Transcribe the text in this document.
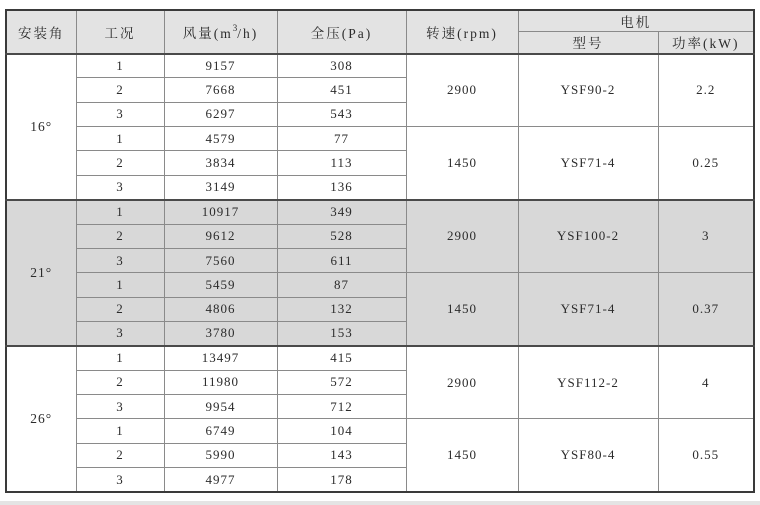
安装角	工况	风量$(m^3/h)$	全压(Pa)	转速(rpm)	电机	
					型号	功率(kW)
16°	1	9157	308	2900	YSF90-2	2.2
	2	7668	451			
	3	6297	543			
	1	4579	77	1450	YSF71-4	0.25
	2	3834	113			
	3	3149	136			
21°	1	10917	349	2900	YSF100-2	3
	2	9612	528			
	3	7560	611			
	1	5459	87	1450	YSF71-4	0.37
	2	4806	132			
	3	3780	153			
26°	1	13497	415	2900	YSF112-2	4
	2	11980	572			
	3	9954	712			
	1	6749	104	1450	YSF80-4	0.55
	2	5990	143			
	3	4977	178			
